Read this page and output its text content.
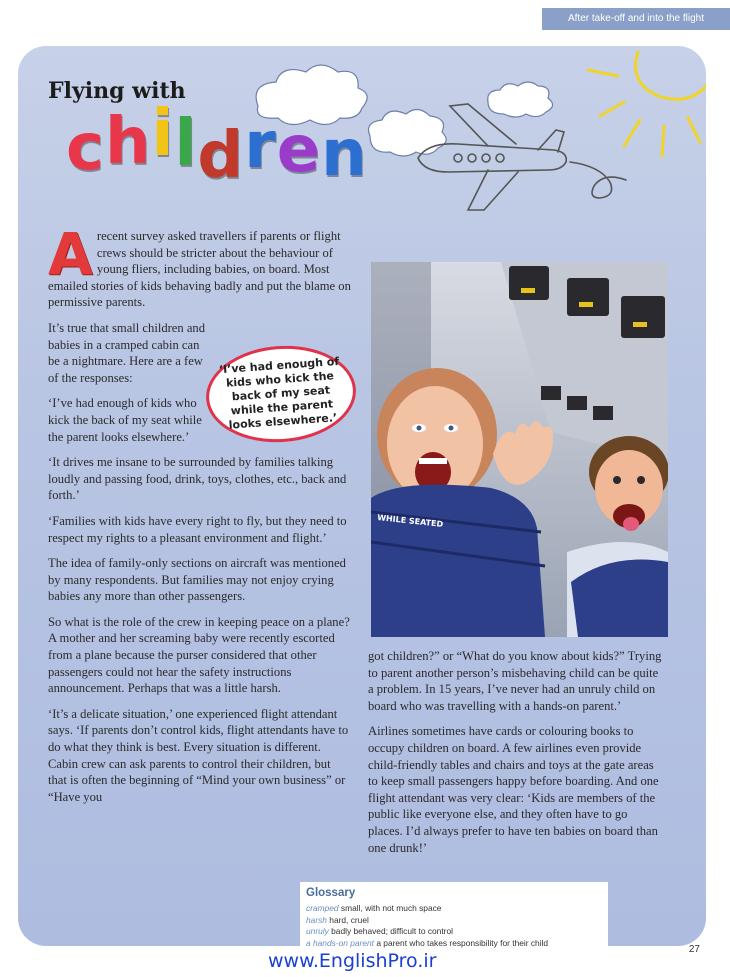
After take-off and into the flight
Flying with
children

Arecent survey asked travellers if parents or flight crews should be stricter about the behaviour of young fliers, including babies, on board. Most emailed stories of kids behaving badly and put the blame on permissive parents.

It’s true that small children and babies in a cramped cabin can be a nightmare. Here are a few of the responses:

‘I’ve had enough of kids who kick the back of my seat while the parent looks elsewhere.’

‘It drives me insane to be surrounded by families talking loudly and passing food, drink, toys, clothes, etc., back and forth.’

‘Families with kids have every right to fly, but they need to respect my rights to a pleasant environment and flight.’

The idea of family-only sections on aircraft was mentioned by many respondents. But families may not enjoy crying babies any more than other passengers.

So what is the role of the crew in keeping peace on a plane? A mother and her screaming baby were recently escorted from a plane because the purser considered that other passengers could not hear the safety instructions announcement. Perhaps that was a little harsh.

‘It’s a delicate situation,’ one experienced flight attendant says. ‘If parents don’t control kids, flight attendants have to do what they think is best. Every situation is different. Cabin crew can ask parents to control their children, but that is often the beginning of “Mind your own business” or “Have you

‘I’ve had enough of kids who kick the back of my seat while the parent looks elsewhere.’
WHILE SEATED

got children?” or “What do you know about kids?” Trying to parent another person’s misbehaving child can be quite a problem. In 15 years, I’ve never had an unruly child on board who was travelling with a hands-on parent.’

Airlines sometimes have cards or colouring books to occupy children on board. A few airlines even provide child-friendly tables and chairs and toys at the gate areas to keep small passengers happy before boarding. And one flight attendant was very clear: ‘Kids are members of the public like everyone else, and they often have to go places. I’d always prefer to have ten babies on board than one drunk!’

Glossary
cramped small, with not much space
harsh hard, cruel
unruly badly behaved; difficult to control
a hands-on parent a parent who takes responsibility for their child
27
www.EnglishPro.ir
